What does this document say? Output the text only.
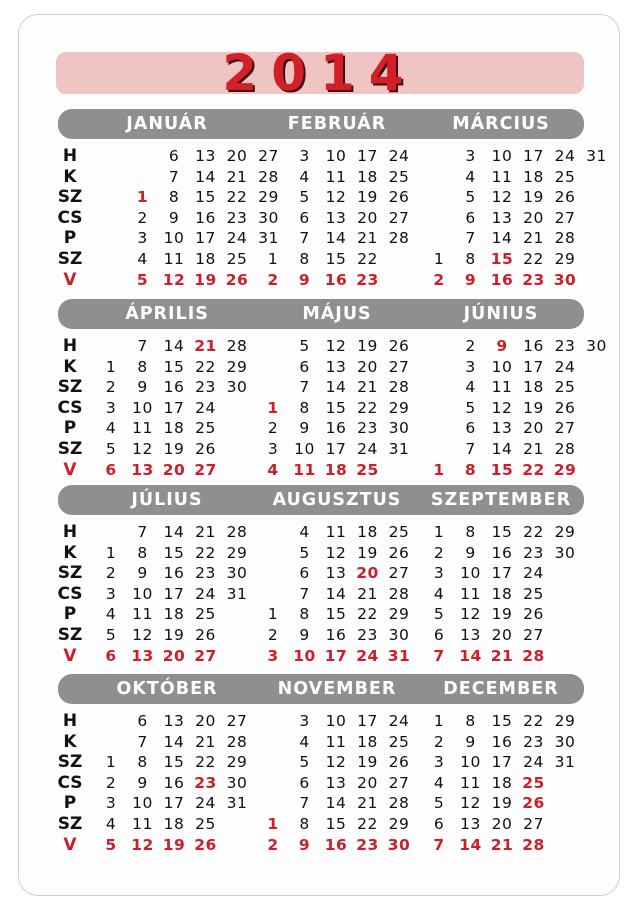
2014
H
K
SZ
CS
P
SZ
V
JANUÁR
1
2
3
4
5
6
7
8
9
10
11
12
13
14
15
16
17
18
19
20
21
22
23
24
25
26
27
28
29
30
31
FEBRUÁR
1
2
3
4
5
6
7
8
9
10
11
12
13
14
15
16
17
18
19
20
21
22
23
24
25
26
27
28
MÁRCIUS
1
2
3
4
5
6
7
8
9
10
11
12
13
14
15
16
17
18
19
20
21
22
23
24
25
26
27
28
29
30
31
H
K
SZ
CS
P
SZ
V
ÁPRILIS
1
2
3
4
5
6
7
8
9
10
11
12
13
14
15
16
17
18
19
20
21
22
23
24
25
26
27
28
29
30
MÁJUS
1
2
3
4
5
6
7
8
9
10
11
12
13
14
15
16
17
18
19
20
21
22
23
24
25
26
27
28
29
30
31
JÚNIUS
1
2
3
4
5
6
7
8
9
10
11
12
13
14
15
16
17
18
19
20
21
22
23
24
25
26
27
28
29
30
H
K
SZ
CS
P
SZ
V
JÚLIUS
1
2
3
4
5
6
7
8
9
10
11
12
13
14
15
16
17
18
19
20
21
22
23
24
25
26
27
28
29
30
31
AUGUSZTUS
1
2
3
4
5
6
7
8
9
10
11
12
13
14
15
16
17
18
19
20
21
22
23
24
25
26
27
28
29
30
31
SZEPTEMBER
1
2
3
4
5
6
7
8
9
10
11
12
13
14
15
16
17
18
19
20
21
22
23
24
25
26
27
28
29
30
H
K
SZ
CS
P
SZ
V
OKTÓBER
1
2
3
4
5
6
7
8
9
10
11
12
13
14
15
16
17
18
19
20
21
22
23
24
25
26
27
28
29
30
31
NOVEMBER
1
2
3
4
5
6
7
8
9
10
11
12
13
14
15
16
17
18
19
20
21
22
23
24
25
26
27
28
29
30
DECEMBER
1
2
3
4
5
6
7
8
9
10
11
12
13
14
15
16
17
18
19
20
21
22
23
24
25
26
27
28
29
30
31
